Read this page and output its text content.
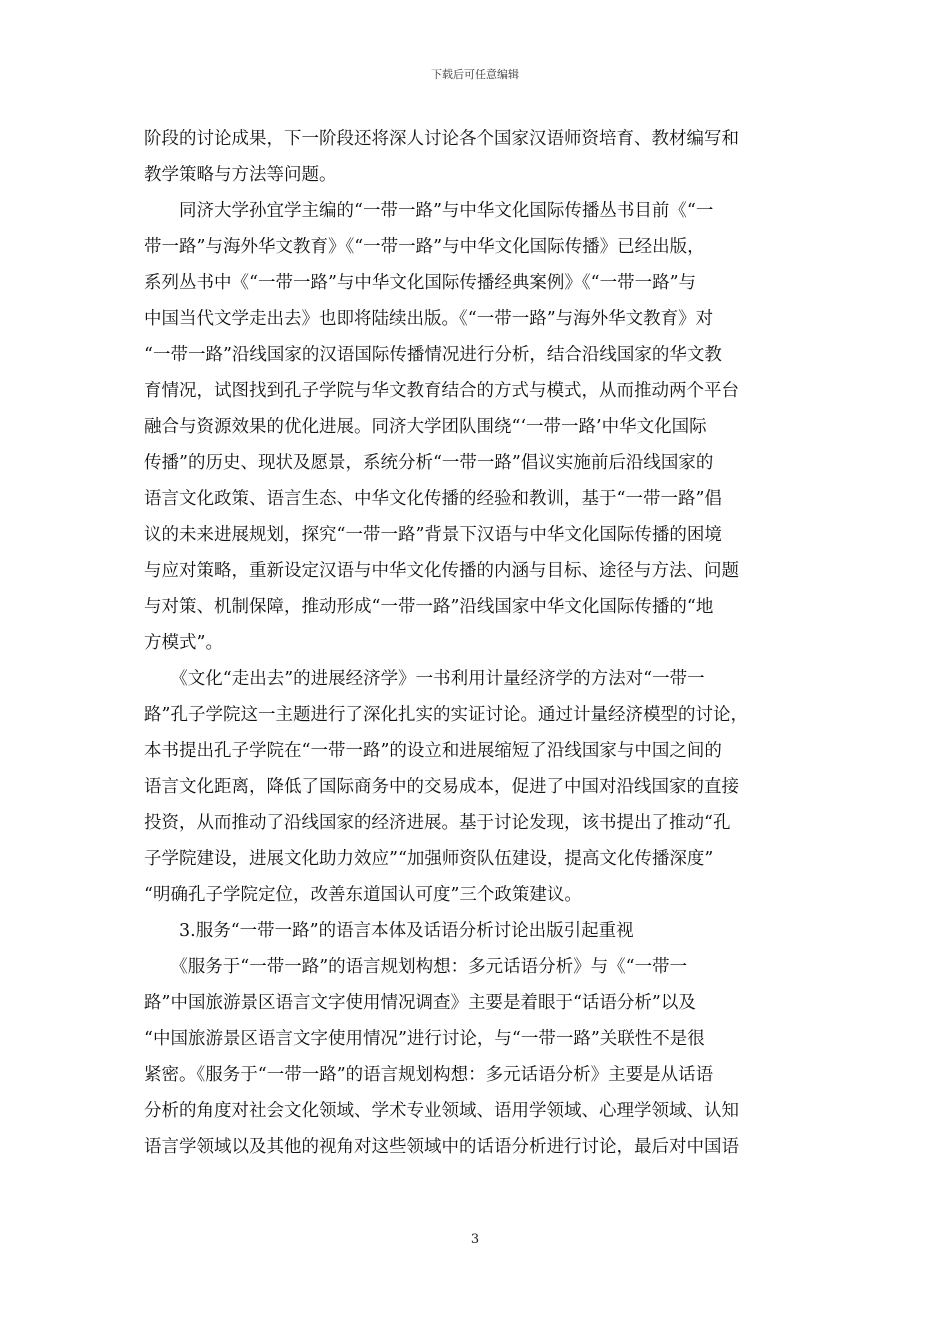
下载后可任意编辑
阶段的讨论成果，下一阶段还将深人讨论各个国家汉语师资培育、教材编写和
教学策略与方法等问题。
　　同济大学孙宜学主编的“一带一路”与中华文化国际传播丛书目前《“一
带一路”与海外华文教育》《“一带一路”与中华文化国际传播》已经出版，
系列丛书中《“一带一路”与中华文化国际传播经典案例》《“一带一路”与
中国当代文学走出去》也即将陆续出版。《“一带一路”与海外华文教育》对
“一带一路”沿线国家的汉语国际传播情况进行分析，结合沿线国家的华文教
育情况，试图找到孔子学院与华文教育结合的方式与模式，从而推动两个平台
融合与资源效果的优化进展。同济大学团队围绕“‘一带一路’中华文化国际
传播”的历史、现状及愿景，系统分析“一带一路”倡议实施前后沿线国家的
语言文化政策、语言生态、中华文化传播的经验和教训，基于“一带一路”倡
议的未来进展规划，探究“一带一路”背景下汉语与中华文化国际传播的困境
与应对策略，重新设定汉语与中华文化传播的内涵与目标、途径与方法、问题
与对策、机制保障，推动形成“一带一路”沿线国家中华文化国际传播的“地
方模式”。
　　《文化“走出去”的进展经济学》一书利用计量经济学的方法对“一带一
路”孔子学院这一主题进行了深化扎实的实证讨论。通过计量经济模型的讨论，
本书提出孔子学院在“一带一路”的设立和进展缩短了沿线国家与中国之间的
语言文化距离，降低了国际商务中的交易成本，促进了中国对沿线国家的直接
投资，从而推动了沿线国家的经济进展。基于讨论发现，该书提出了推动“孔
子学院建设，进展文化助力效应”“加强师资队伍建设，提高文化传播深度”
“明确孔子学院定位，改善东道国认可度”三个政策建议。
　　3.服务“一带一路”的语言本体及话语分析讨论出版引起重视
　　《服务于“一带一路”的语言规划构想：多元话语分析》与《“一带一
路”中国旅游景区语言文字使用情况调查》主要是着眼于“话语分析”以及
“中国旅游景区语言文字使用情况”进行讨论，与“一带一路”关联性不是很
紧密。《服务于“一带一路”的语言规划构想：多元话语分析》主要是从话语
分析的角度对社会文化领域、学术专业领域、语用学领域、心理学领域、认知
语言学领域以及其他的视角对这些领域中的话语分析进行讨论，最后对中国语
3
